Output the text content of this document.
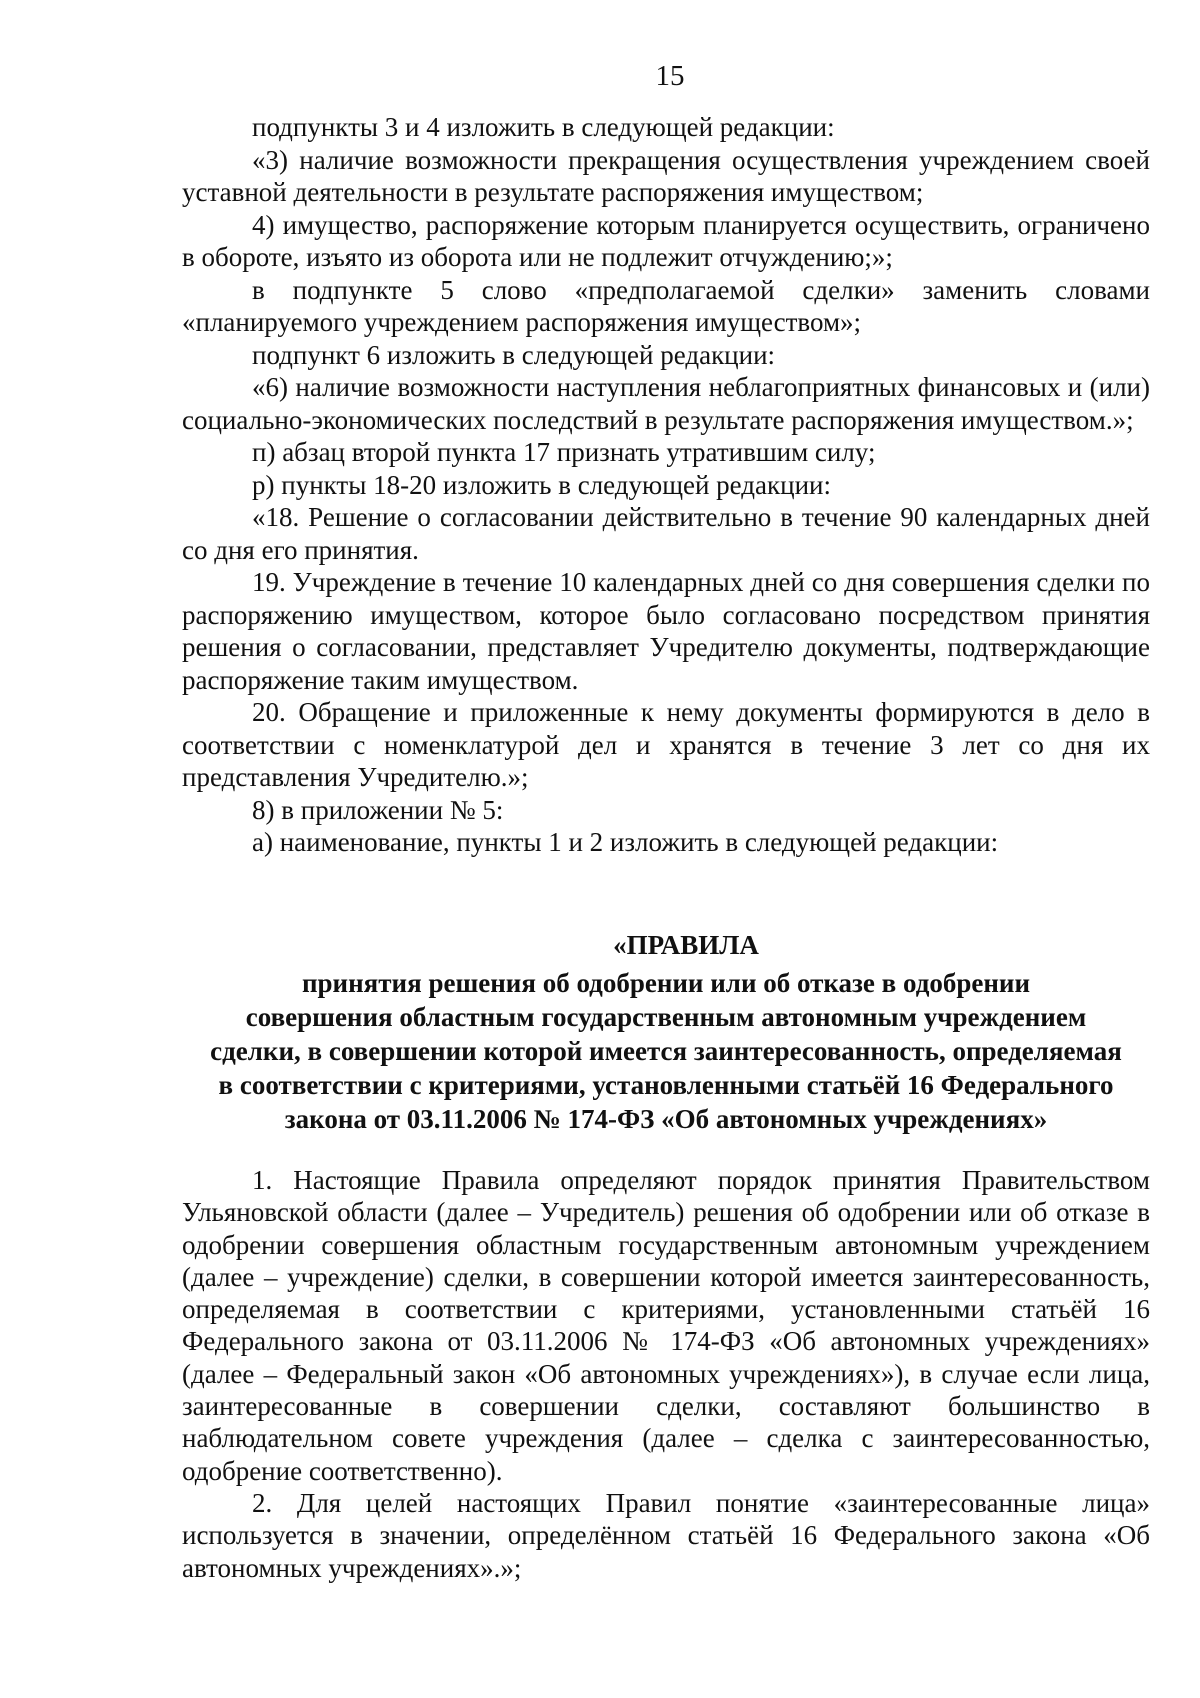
15

подпункты 3 и 4 изложить в следующей редакции:

«3) наличие возможности прекращения осуществления учреждением своей уставной деятельности в результате распоряжения имуществом;

4) имущество, распоряжение которым планируется осуществить, ограничено в обороте, изъято из оборота или не подлежит отчуждению;»;

в подпункте 5 слово «предполагаемой сделки» заменить словами «планируемого учреждением распоряжения имуществом»;

подпункт 6 изложить в следующей редакции:

«6) наличие возможности наступления неблагоприятных финансовых и (или) социально-экономических последствий в результате распоряжения имуществом.»;

п) абзац второй пункта 17 признать утратившим силу;

р) пункты 18-20 изложить в следующей редакции:

«18. Решение о согласовании действительно в течение 90 календарных дней со дня его принятия.

19. Учреждение в течение 10 календарных дней со дня совершения сделки по распоряжению имуществом, которое было согласовано посредством принятия решения о согласовании, представляет Учредителю документы, подтверждающие распоряжение таким имуществом.

20. Обращение и приложенные к нему документы формируются в дело в соответствии с номенклатурой дел и хранятся в течение 3 лет со дня их представления Учредителю.»;

8) в приложении № 5:

а) наименование, пункты 1 и 2 изложить в следующей редакции:

«ПРАВИЛА
принятия решения об одобрении или об отказе в одобрении
совершения областным государственным автономным учреждением
сделки, в совершении которой имеется заинтересованность, определяемая
в соответствии с критериями, установленными статьёй 16 Федерального
закона от 03.11.2006 № 174-ФЗ «Об автономных учреждениях»

1. Настоящие Правила определяют порядок принятия Правительством Ульяновской области (далее – Учредитель) решения об одобрении или об отказе в одобрении совершения областным государственным автономным учреждением (далее – учреждение) сделки, в совершении которой имеется заинтересованность, определяемая в соответствии с критериями, установленными статьёй 16 Федерального закона от 03.11.2006 № 174-ФЗ «Об автономных учреждениях» (далее – Федеральный закон «Об автономных учреждениях»), в случае если лица, заинтересованные в совершении сделки, составляют большинство в наблюдательном совете учреждения (далее – сделка с заинтересованностью, одобрение соответственно).

2. Для целей настоящих Правил понятие «заинтересованные лица» используется в значении, определённом статьёй 16 Федерального закона «Об автономных учреждениях».»;
